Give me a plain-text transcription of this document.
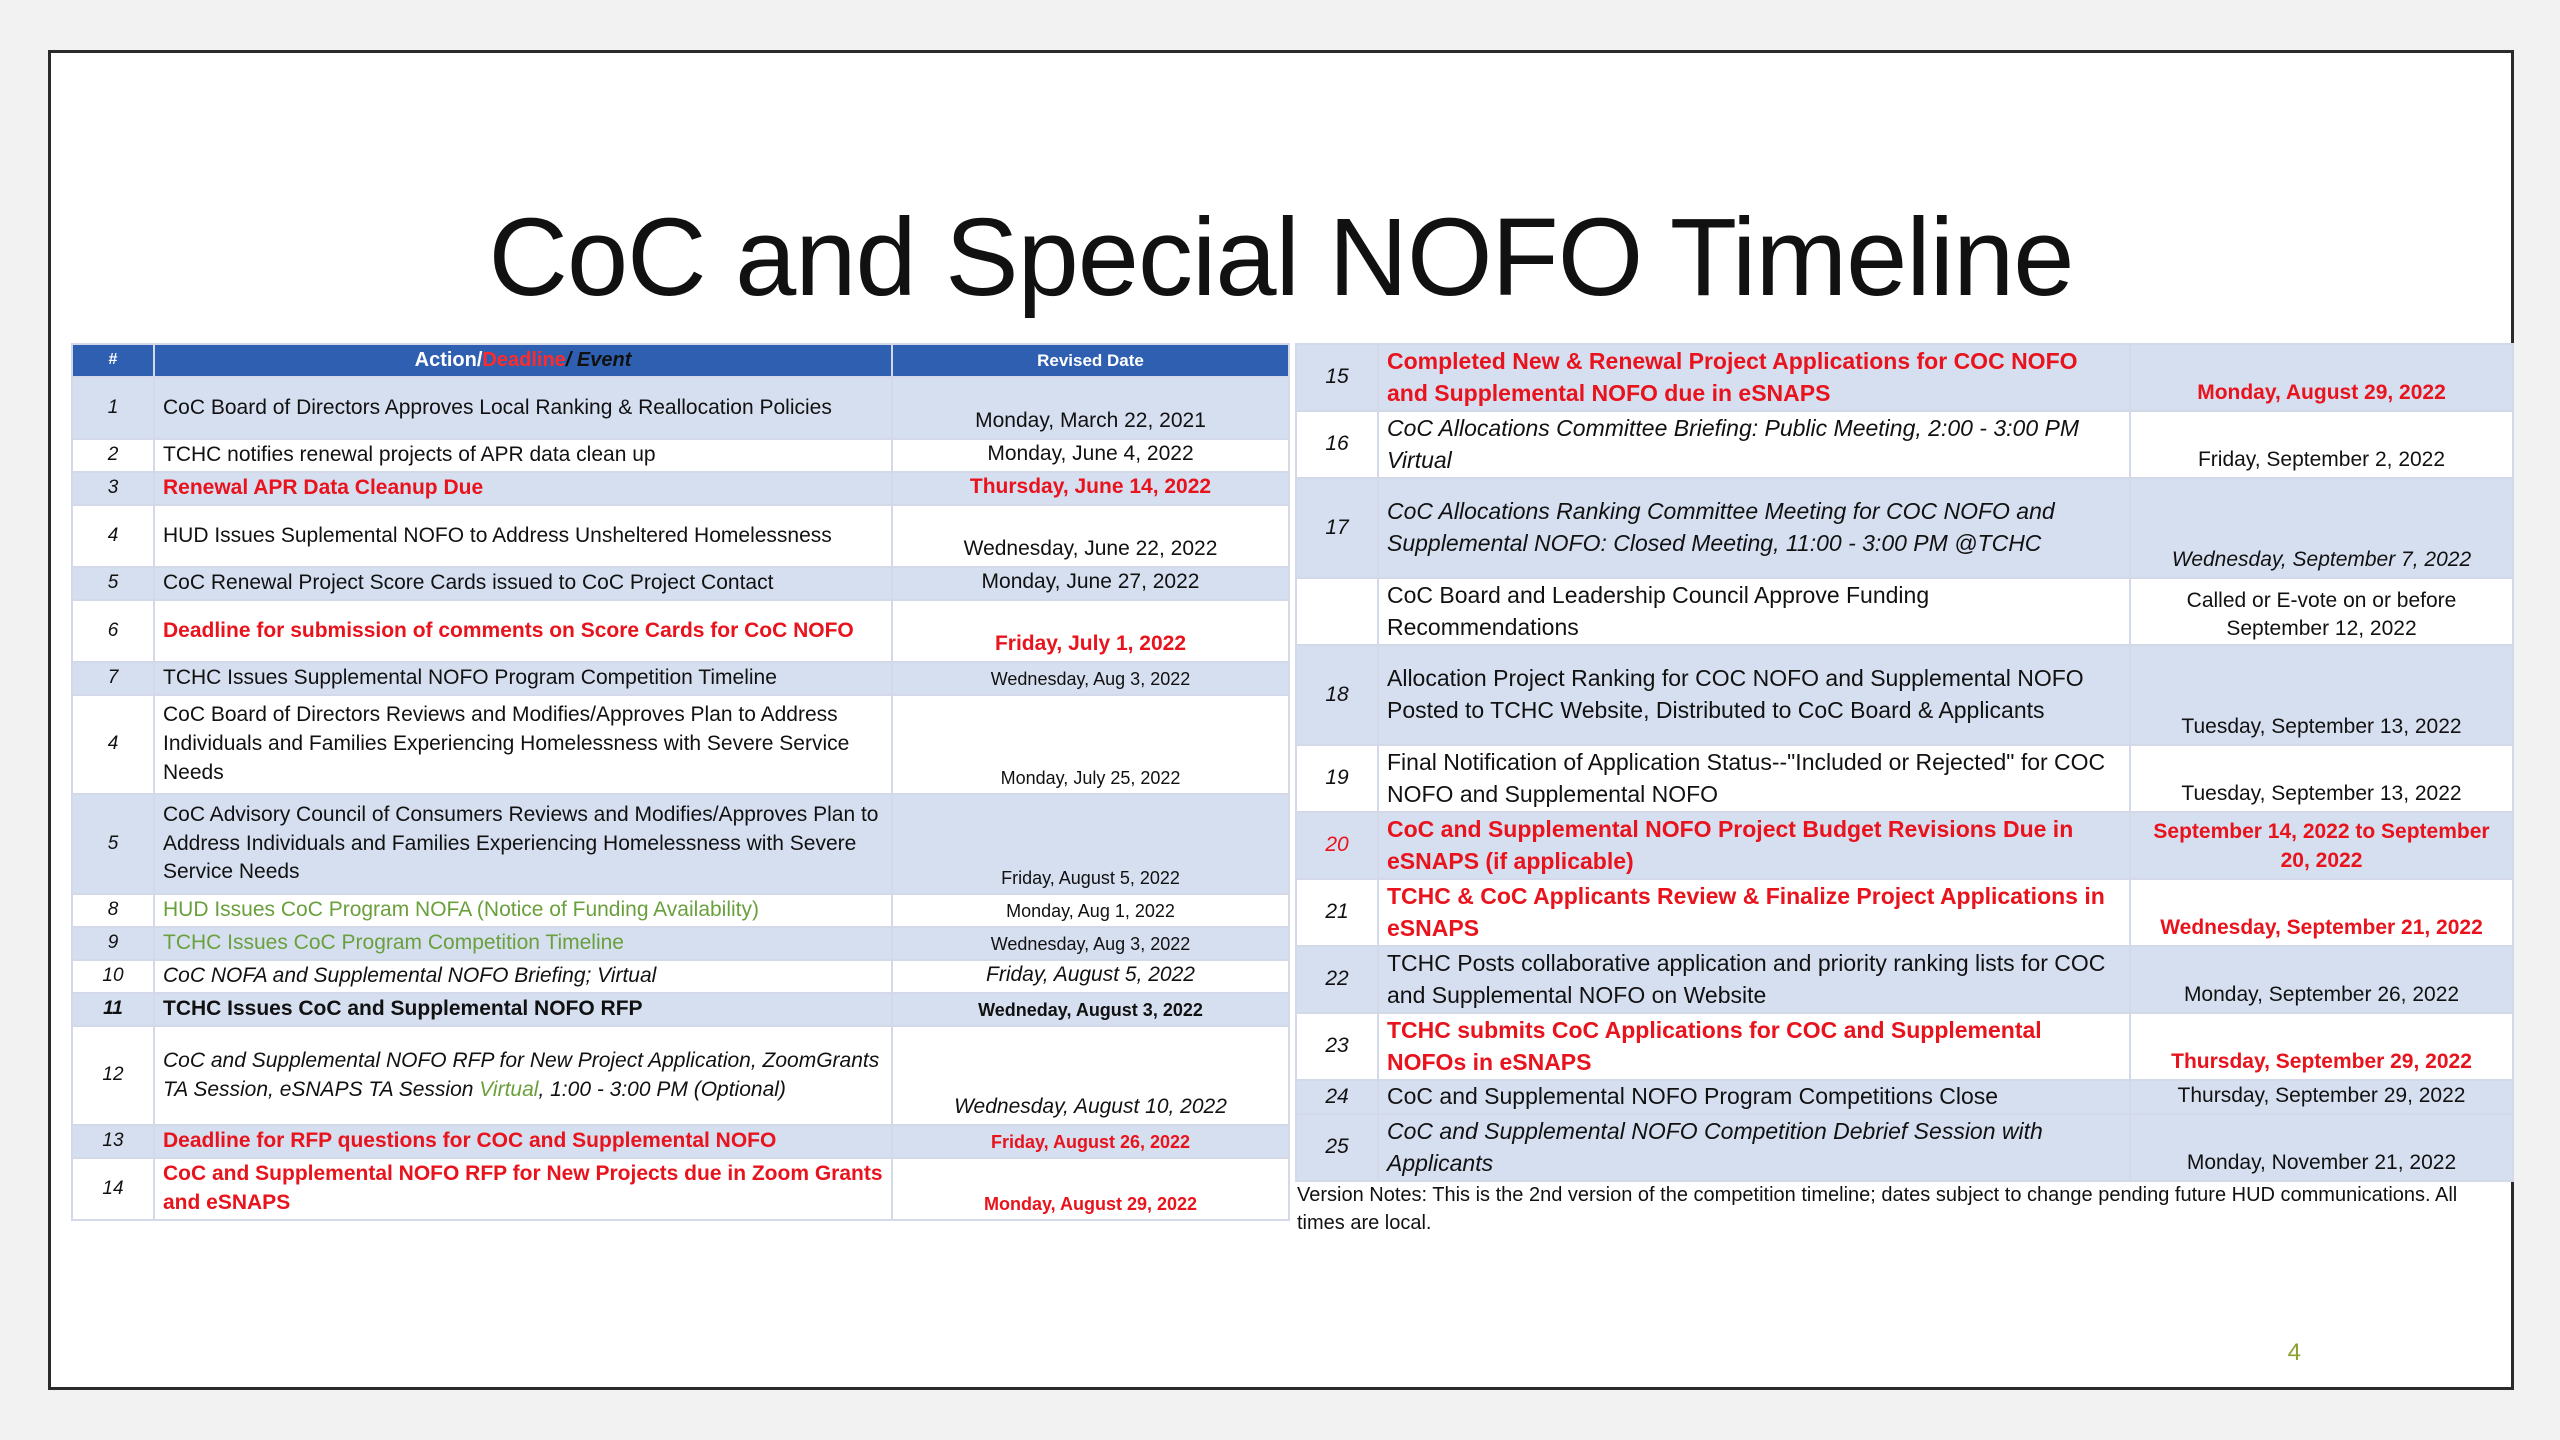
CoC and Special NOFO Timeline
#	Action/Deadline/ Event	Revised Date
1	CoC Board of Directors Approves Local Ranking & Reallocation Policies	Monday, March 22, 2021
2	TCHC notifies renewal projects of APR data clean up	Monday, June 4, 2022
3	Renewal APR Data Cleanup Due	Thursday, June 14, 2022
4	HUD Issues Suplemental NOFO to Address Unsheltered Homelessness	Wednesday, June 22, 2022
5	CoC Renewal Project Score Cards issued to CoC Project Contact	Monday, June 27, 2022
6	Deadline for submission of comments on Score Cards for CoC NOFO	Friday, July 1, 2022
7	TCHC Issues Supplemental NOFO Program Competition Timeline	Wednesday, Aug 3, 2022
4	CoC Board of Directors Reviews and Modifies/Approves Plan to Address Individuals and Families Experiencing Homelessness with Severe Service Needs	Monday, July 25, 2022
5	CoC Advisory Council of Consumers Reviews and Modifies/Approves Plan to Address Individuals and Families Experiencing Homelessness with Severe Service Needs	Friday, August 5, 2022
8	HUD Issues CoC Program NOFA (Notice of Funding Availability)	Monday, Aug 1, 2022
9	TCHC Issues CoC Program Competition Timeline	Wednesday, Aug 3, 2022
10	CoC NOFA and Supplemental NOFO Briefing; Virtual	Friday, August 5, 2022
11	TCHC Issues CoC and Supplemental NOFO RFP	Wedneday, August 3, 2022
12	CoC and Supplemental NOFO RFP for New Project Application, ZoomGrants TA Session, eSNAPS TA Session Virtual, 1:00 - 3:00 PM (Optional)	Wednesday, August 10, 2022
13	Deadline for RFP questions for COC and Supplemental NOFO	Friday, August 26, 2022
14	CoC and Supplemental NOFO RFP for New Projects due in Zoom Grants and eSNAPS	Monday, August 29, 2022
15	Completed New & Renewal Project Applications for COC NOFO and Supplemental NOFO due in eSNAPS	Monday, August 29, 2022
16	CoC Allocations Committee Briefing: Public Meeting, 2:00 - 3:00 PM Virtual	Friday, September 2, 2022
17	CoC Allocations Ranking Committee Meeting for COC NOFO and Supplemental NOFO: Closed Meeting, 11:00 - 3:00 PM @TCHC	Wednesday, September 7, 2022
	CoC Board and Leadership Council Approve Funding Recommendations	Called or E-vote on or before September 12, 2022
18	Allocation Project Ranking for COC NOFO and Supplemental NOFO Posted to TCHC Website, Distributed to CoC Board & Applicants	Tuesday, September 13, 2022
19	Final Notification of Application Status--"Included or Rejected" for COC NOFO and Supplemental NOFO	Tuesday, September 13, 2022
20	CoC and Supplemental NOFO Project Budget Revisions Due in eSNAPS (if applicable)	September 14, 2022 to September 20, 2022
21	TCHC & CoC Applicants Review & Finalize Project Applications in eSNAPS	Wednesday, September 21, 2022
22	TCHC Posts collaborative application and priority ranking lists for COC and Supplemental NOFO on Website	Monday, September 26, 2022
23	TCHC submits CoC Applications for COC and Supplemental NOFOs in eSNAPS	Thursday, September 29, 2022
24	CoC and Supplemental NOFO Program Competitions Close	Thursday, September 29, 2022
25	CoC and Supplemental NOFO Competition Debrief Session with Applicants	Monday, November 21, 2022
Version Notes: This is the 2nd version of the competition timeline; dates subject to change pending future HUD communications. All times are local.
4
